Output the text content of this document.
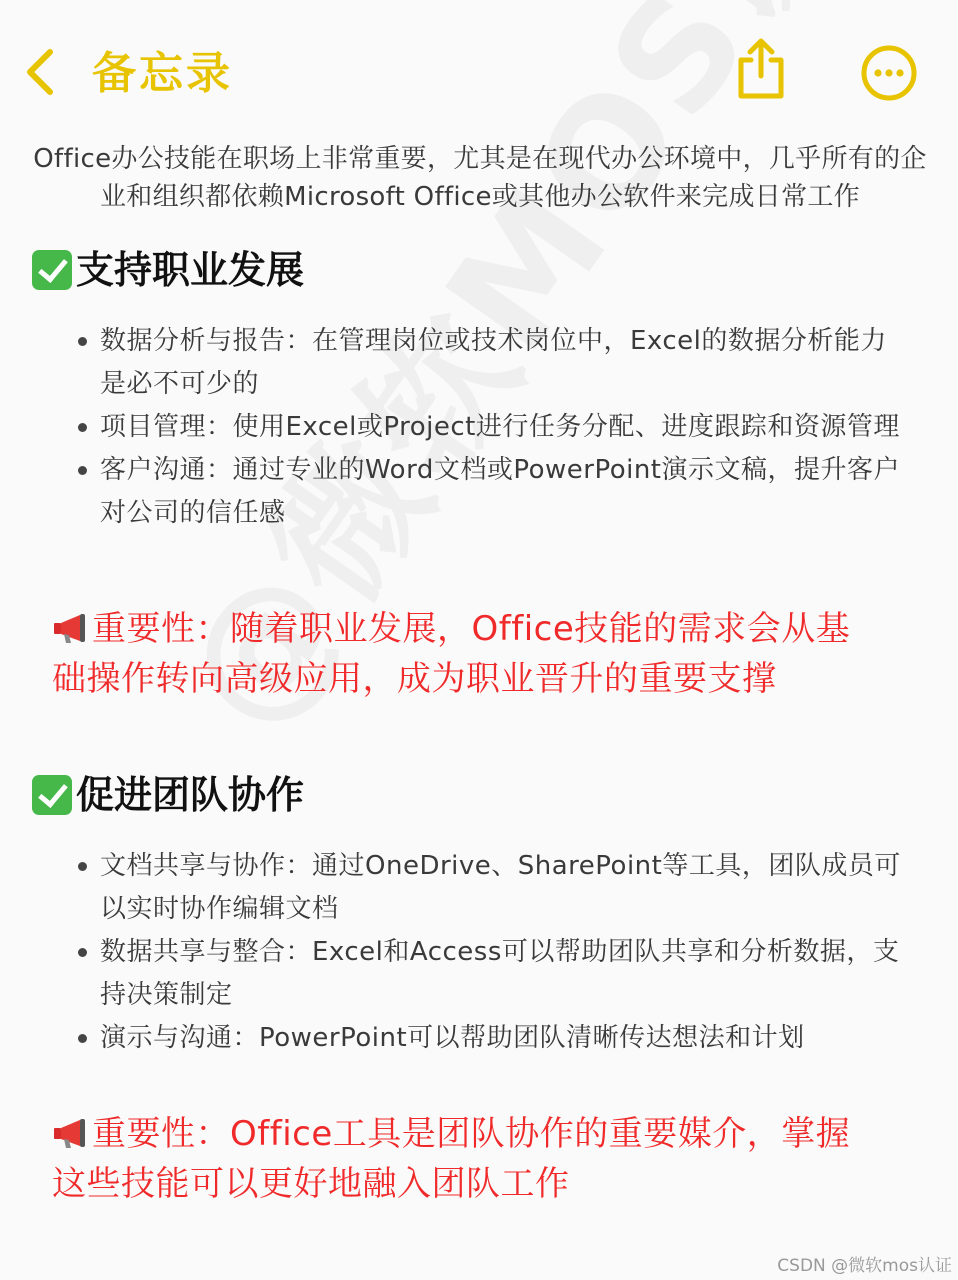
备忘录
Office办公技能在职场上非常重要，尤其是在现代办公环境中，几乎所有的企业和组织都依赖Microsoft Office或其他办公软件来完成日常工作
支持职业发展
数据分析与报告：在管理岗位或技术岗位中，Excel的数据分析能力是必不可少的
项目管理：使用Excel或Project进行任务分配、进度跟踪和资源管理
客户沟通：通过专业的Word文档或PowerPoint演示文稿，提升客户对公司的信任感
重要性：随着职业发展，Office技能的需求会从基础操作转向高级应用，成为职业晋升的重要支撑
促进团队协作
文档共享与协作：通过OneDrive、SharePoint等工具，团队成员可以实时协作编辑文档
数据共享与整合：Excel和Access可以帮助团队共享和分析数据，支持决策制定
演示与沟通：PowerPoint可以帮助团队清晰传达想法和计划
重要性：Office工具是团队协作的重要媒介，掌握这些技能可以更好地融入团队工作
CSDN @微软mos认证
